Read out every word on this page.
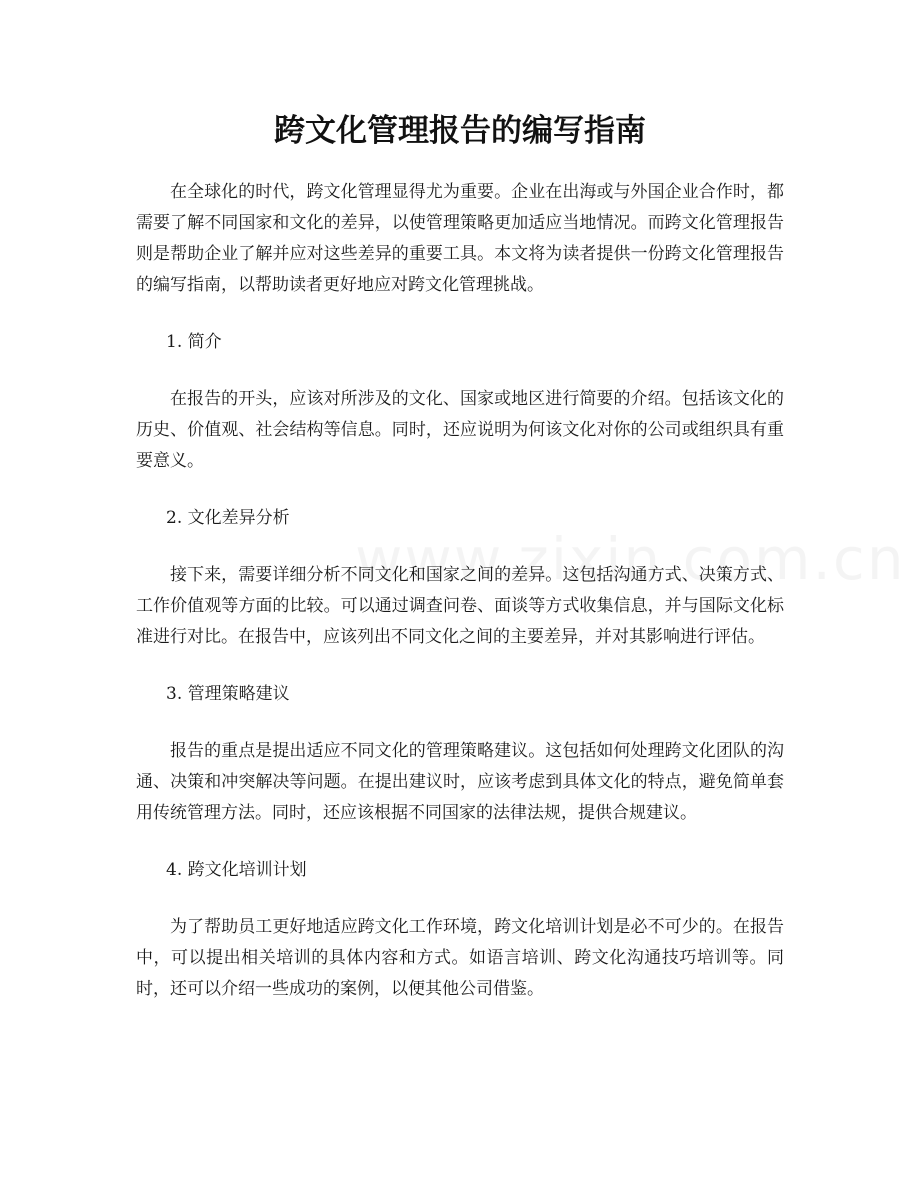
跨文化管理报告的编写指南

在全球化的时代，跨文化管理显得尤为重要。企业在出海或与外国企业合作时，都需要了解不同国家和文化的差异，以使管理策略更加适应当地情况。而跨文化管理报告则是帮助企业了解并应对这些差异的重要工具。本文将为读者提供一份跨文化管理报告的编写指南，以帮助读者更好地应对跨文化管理挑战。

1. 简介

在报告的开头，应该对所涉及的文化、国家或地区进行简要的介绍。包括该文化的历史、价值观、社会结构等信息。同时，还应说明为何该文化对你的公司或组织具有重要意义。

2. 文化差异分析

接下来，需要详细分析不同文化和国家之间的差异。这包括沟通方式、决策方式、工作价值观等方面的比较。可以通过调查问卷、面谈等方式收集信息，并与国际文化标准进行对比。在报告中，应该列出不同文化之间的主要差异，并对其影响进行评估。

3. 管理策略建议

报告的重点是提出适应不同文化的管理策略建议。这包括如何处理跨文化团队的沟通、决策和冲突解决等问题。在提出建议时，应该考虑到具体文化的特点，避免简单套用传统管理方法。同时，还应该根据不同国家的法律法规，提供合规建议。

4. 跨文化培训计划

为了帮助员工更好地适应跨文化工作环境，跨文化培训计划是必不可少的。在报告中，可以提出相关培训的具体内容和方式。如语言培训、跨文化沟通技巧培训等。同时，还可以介绍一些成功的案例，以便其他公司借鉴。
